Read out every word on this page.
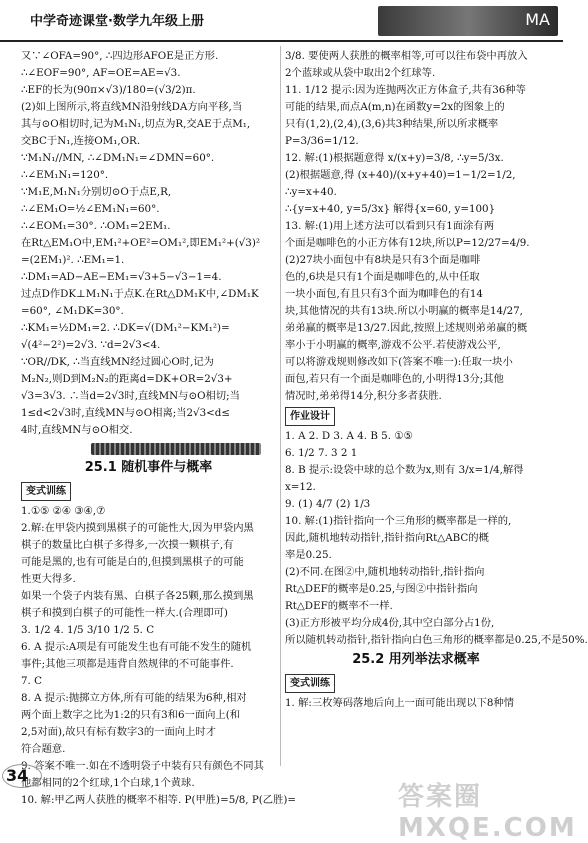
中学奇迹课堂·数学九年级上册	MA
又∵∠OFA=90°, ∴四边形AFOE是正方形.
∴∠EOF=90°, AF=OE=AE=√3.
∴EF的长为(90π×√3)/180=(√3/2)π.
(2)如上图所示,将直线MN沿射线DA方向平移,当
其与⊙O相切时,记为M₁N₁,切点为R,交AE于点M₁,
交BC于N₁,连接OM₁,OR.
∵M₁N₁//MN, ∴∠DM₁N₁=∠DMN=60°.
∴∠EM₁N₁=120°.
∵M₁E,M₁N₁分别切⊙O于点E,R,
∴∠EM₁O=½∠EM₁N₁=60°.
∴∠EOM₁=30°. ∴OM₁=2EM₁.
在Rt△EM₁O中,EM₁²+OE²=OM₁²,即EM₁²+(√3)²
=(2EM₁)². ∴EM₁=1.
∴DM₁=AD−AE−EM₁=√3+5−√3−1=4.
过点D作DK⊥M₁N₁于点K.在Rt△DM₁K中,∠DM₁K
=60°, ∠M₁DK=30°.
∴KM₁=½DM₁=2. ∴DK=√(DM₁²−KM₁²)=
√(4²−2²)=2√3. ∵d=2√3<4.
∵OR//DK, ∴当直线MN经过圆心O时,记为
M₂N₂,则D到M₂N₂的距离d=DK+OR=2√3+
√3=3√3. ∴当d=2√3时,直线MN与⊙O相切;当
1≤d<2√3时,直线MN与⊙O相离;当2√3<d≤
4时,直线MN与⊙O相交.
25.1 随机事件与概率
变式训练
1.①⑤ ②④ ③④,⑦
2.解:在甲袋内摸到黑棋子的可能性大,因为甲袋内黑
棋子的数量比白棋子多得多,一次摸一颗棋子,有
可能是黑的,也有可能是白的,但摸到黑棋子的可能
性更大得多.
如果一个袋子内装有黑、白棋子各25颗,那么摸到黑
棋子和摸到白棋子的可能性一样大.(合理即可)
3. 1/2 4. 1/5 3/10 1/2 5. C
6. A 提示:A项是有可能发生也有可能不发生的随机
事件;其他三项都是违背自然规律的不可能事件.
7. C
8. A 提示:抛掷立方体,所有可能的结果为6种,相对
两个面上数字之比为1:2的只有3和6一面向上(和
2,5对面),故只有标有数字3的一面向上时才
符合题意.
9. 答案不唯一.如在不透明袋子中装有只有颜色不同其
他都相同的2个红球,1个白球,1个黄球.
10. 解:甲乙两人获胜的概率不相等. P(甲胜)=5/8, P(乙胜)=
3/8. 要使两人获胜的概率相等,可可以往布袋中再放入
2个蓝球或从袋中取出2个红球等.
11. 1/12 提示:因为连抛两次正方体盒子,共有36种等
可能的结果,而点A(m,n)在函数y=2x的图象上的
只有(1,2),(2,4),(3,6)共3种结果,所以所求概率
P=3/36=1/12.
12. 解:(1)根据题意得 x/(x+y)=3/8, ∴y=5/3x.
(2)根据题意,得 (x+40)/(x+y+40)=1−1/2=1/2,
∴y=x+40.
∴{y=x+40, y=5/3x} 解得{x=60, y=100}
13. 解:(1)用上述方法可以看到只有1面涂有两
个面是咖啡色的小正方体有12块,所以P=12/27=4/9.
(2)27块小面包中有8块是只有3个面是咖啡
色的,6块是只有1个面是咖啡色的,从中任取
一块小面包,有且只有3个面为咖啡色的有14
块,其他情况的共有13块.所以小明赢的概率是14/27,
弟弟赢的概率是13/27.因此,按照上述规则弟弟赢的概
率小于小明赢的概率,游戏不公平.若使游戏公平,
可以将游戏规则修改如下(答案不唯一):任取一块小
面包,若只有一个面是咖啡色的,小明得13分;其他
情况时,弟弟得14分,积分多者获胜.
作业设计
1. A 2. D 3. A 4. B 5. ①⑤
6. 1/2 7. 3 2 1
8. B 提示:设袋中球的总个数为x,则有 3/x=1/4,解得
x=12.
9. (1) 4/7 (2) 1/3
10. 解:(1)指针指向一个三角形的概率都是一样的,
因此,随机地转动指针,指针指向Rt△ABC的概
率是0.25.
(2)不同.在图②中,随机地转动指针,指针指向
Rt△DEF的概率是0.25,与图②中指针指向
Rt△DEF的概率不一样.
(3)正方形被平均分成4份,其中空白部分占1份,
所以随机转动指针,指针指向白色三角形的概率都是0.25,不是50%.
25.2 用列举法求概率
变式训练
1. 解:三枚筹码落地后向上一面可能出现以下8种情
34
答案圈 MXQE.COM
